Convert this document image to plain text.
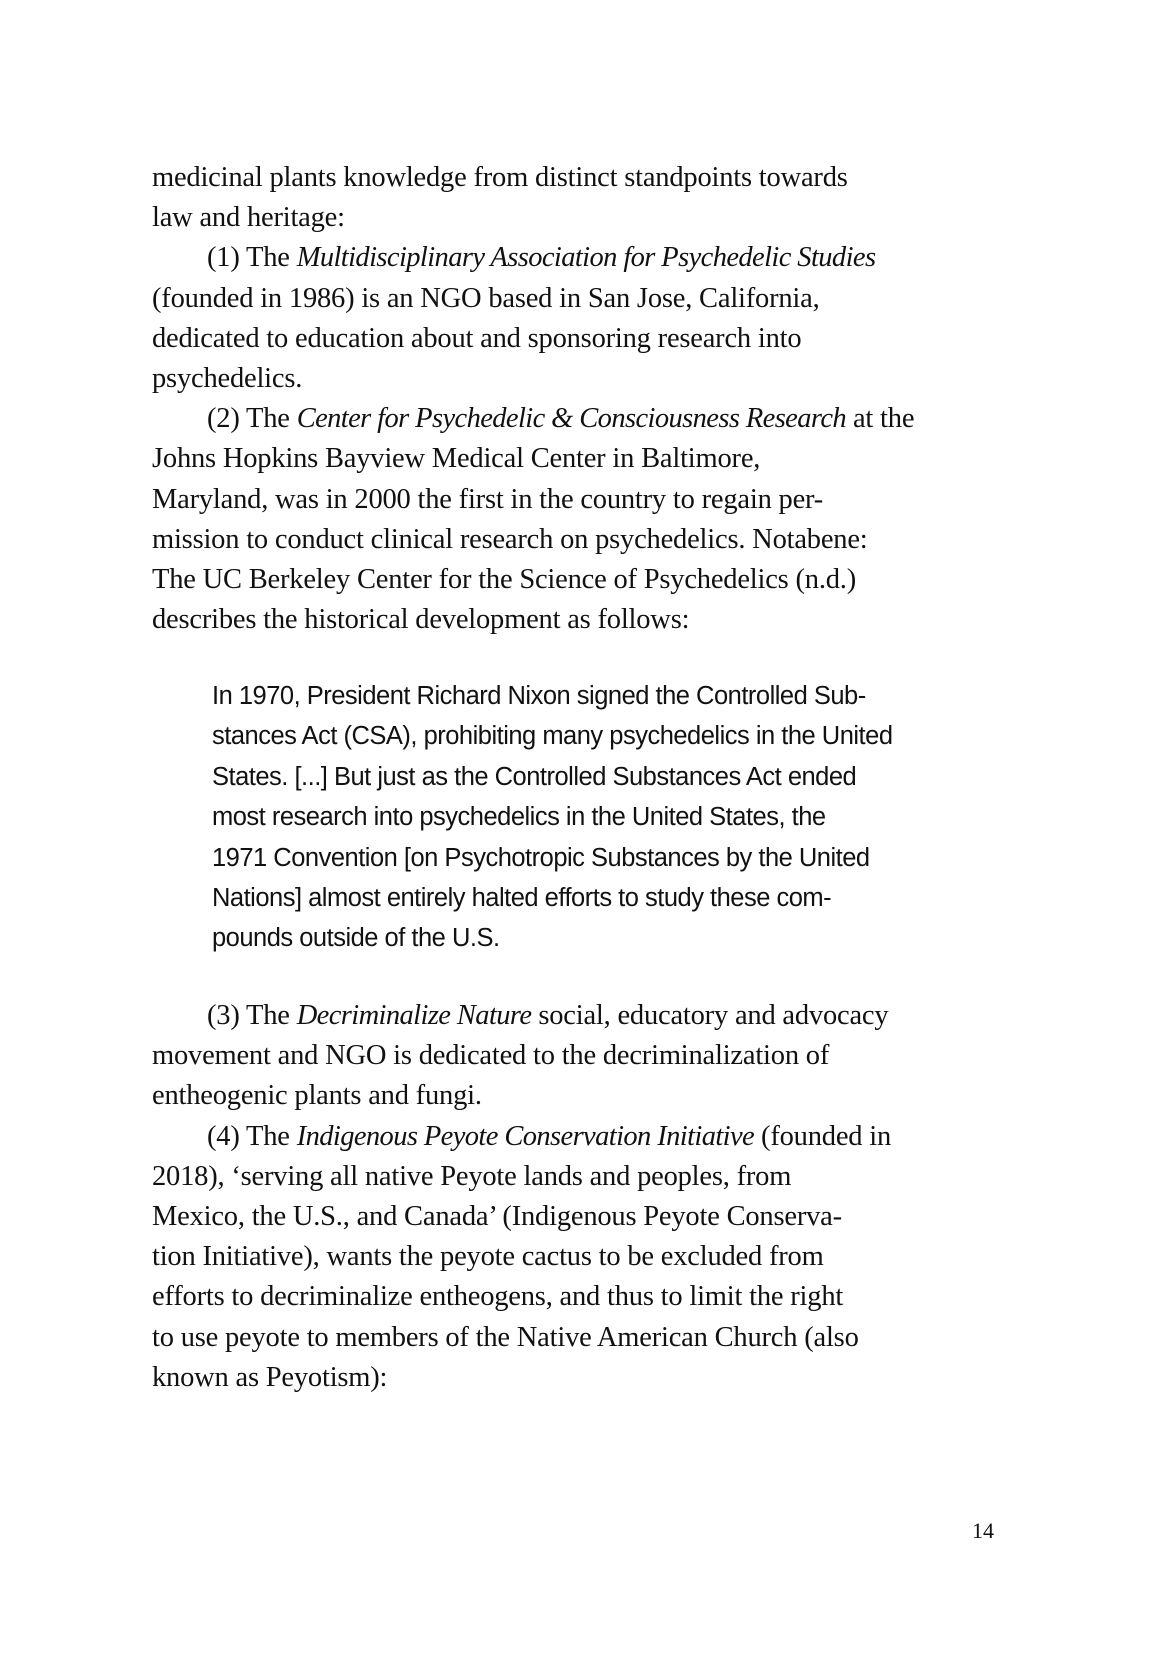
medicinal plants knowledge from distinct standpoints towards
law and heritage:
(1) The Multidisciplinary Association for Psychedelic Studies
(founded in 1986) is an NGO based in San Jose, California,
dedicated to education about and sponsoring research into
psychedelics.
(2) The Center for Psychedelic & Consciousness Research at the
Johns Hopkins Bayview Medical Center in Baltimore,
Maryland, was in 2000 the first in the country to regain per-
mission to conduct clinical research on psychedelics. Notabene:
The UC Berkeley Center for the Science of Psychedelics (n.d.)
describes the historical development as follows:
In 1970, President Richard Nixon signed the Controlled Sub-
stances Act (CSA), prohibiting many psychedelics in the United
States. [...] But just as the Controlled Substances Act ended
most research into psychedelics in the United States, the
1971 Convention [on Psychotropic Substances by the United
Nations] almost entirely halted efforts to study these com-
pounds outside of the U.S.
(3) The Decriminalize Nature social, educatory and advocacy
movement and NGO is dedicated to the decriminalization of
entheogenic plants and fungi.
(4) The Indigenous Peyote Conservation Initiative (founded in
2018), ‘serving all native Peyote lands and peoples, from
Mexico, the U.S., and Canada’ (Indigenous Peyote Conserva-
tion Initiative), wants the peyote cactus to be excluded from
efforts to decriminalize entheogens, and thus to limit the right
to use peyote to members of the Native American Church (also
known as Peyotism):
14
